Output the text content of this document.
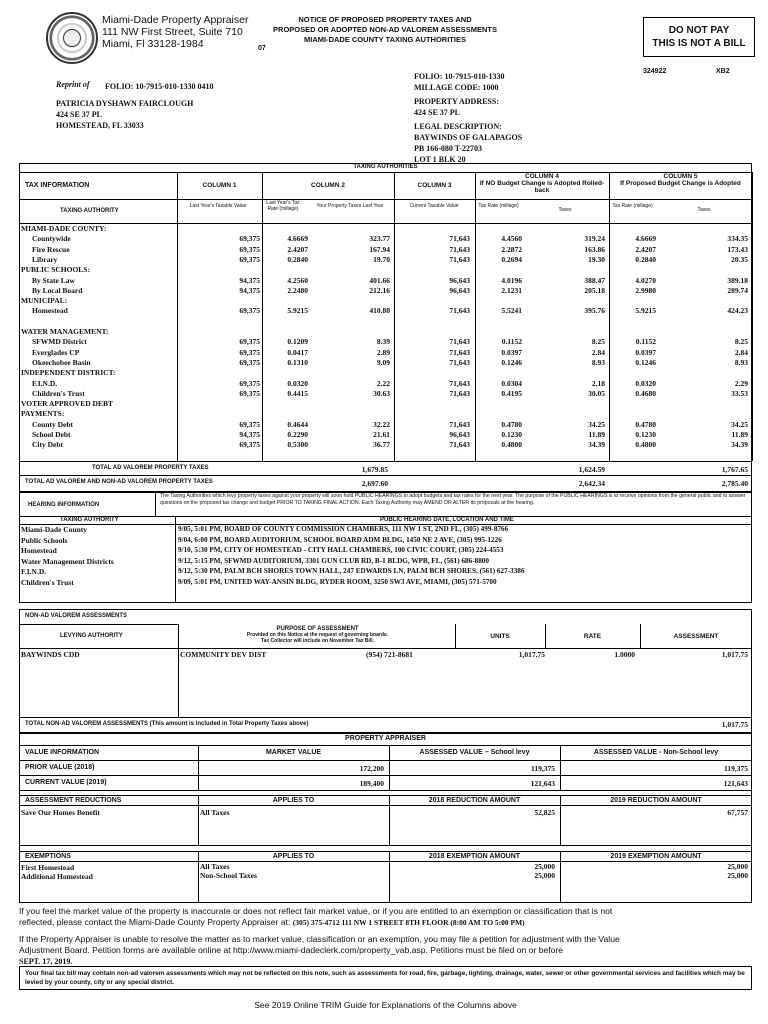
Miami-Dade Property Appraiser
111 NW First Street, Suite 710
Miami, Fl 33128-1984
NOTICE OF PROPOSED PROPERTY TAXES AND
PROPOSED OR ADOPTED NON-AD VALOREM ASSESSMENTS
MIAMI-DADE COUNTY TAXING AUTHORITIES
07
DO NOT PAY
THIS IS NOT A BILL
324922	XB2
Reprint of FOLIO: 10-7915-010-1330 0410
PATRICIA DYSHAWN FAIRCLOUGH
424 SE 37 PL
HOMESTEAD, FL 33033
FOLIO: 10-7915-010-1330
MILLAGE CODE: 1000
PROPERTY ADDRESS:
424 SE 37 PL
LEGAL DESCRIPTION:
BAYWINDS OF GALAPAGOS
PB 166-080 T-22703
LOT 1 BLK 20
TAXING AUTHORITIES
TAX INFORMATION	COLUMN 1	COLUMN 2	COLUMN 3
COLUMN 4
If NO Budget Change is Adopted Rolled-back
COLUMN 5
If Proposed Budget Change is Adopted
TAXING AUTHORITY
Last Year's Taxable Value	Last Year's Tax Rate (millage)	Your Property Taxes Last Year	Current Taxable Value	Tax Rate (millage)
Taxes
Tax Rate (millage)
Taxes
MIAMI-DADE COUNTY:
Countywide	69,375	4.6669	323.77	71,643	4.4560	319.24	4.6669	334.35
Fire Rescue	69,375	2.4207	167.94	71,643	2.2872	163.86	2.4207	173.43
Library	69,375	0.2840	19.70	71,643	0.2694	19.30	0.2840	20.35
PUBLIC SCHOOLS:
By State Law	94,375	4.2560	401.66	96,643	4.0196	388.47	4.0270	389.18
By Local Board	94,375	2.2480	212.16	96,643	2.1231	205.18	2.9980	289.74
MUNICIPAL:
Homestead	69,375	5.9215	410.80	71,643	5.5241	395.76	5.9215	424.23
WATER MANAGEMENT:
SFWMD District	69,375	0.1209	8.39	71,643	0.1152	8.25	0.1152	8.25
Everglades CP	69,375	0.0417	2.89	71,643	0.0397	2.84	0.0397	2.84
Okeechobee Basin	69,375	0.1310	9.09	71,643	0.1246	8.93	0.1246	8.93
INDEPENDENT DISTRICT:
F.I.N.D.	69,375	0.0320	2.22	71,643	0.0304	2.18	0.0320	2.29
Children's Trust	69,375	0.4415	30.63	71,643	0.4195	30.05	0.4680	33.53
VOTER APPROVED DEBT
PAYMENTS:
County Debt	69,375	0.4644	32.22	71,643	0.4780	34.25	0.4780	34.25
School Debt	94,375	0.2290	21.61	96,643	0.1230	11.89	0.1230	11.89
City Debt	69,375	0.5300	36.77	71,643	0.4800	34.39	0.4800	34.39
TOTAL AD VALOREM PROPERTY TAXES	1,679.85	1,624.59	1,767.65
TOTAL AD VALOREM AND NON-AD VALOREM PROPERTY TAXES	2,697.60	2,642.34	2,785.40
HEARING INFORMATION
The Taxing Authorities which levy property taxes against your property will soon hold PUBLIC HEARINGS to adopt budgets and tax rates for the next year. The purpose of the PUBLIC HEARINGS is to receive opinions from the general public and to answer questions on the proposed tax change and budget PRIOR TO TAKING FINAL ACTION. Each Taxing Authority may AMEND OR ALTER its proposals at the hearing.
TAXING AUTHORITY	PUBLIC HEARING DATE, LOCATION AND TIME
Miami-Dade County	9/05, 5:01 PM, BOARD OF COUNTY COMMISSION CHAMBERS, 111 NW 1 ST, 2ND FL, (305) 499-8766
Public Schools	9/04, 6:00 PM, BOARD AUDITORIUM, SCHOOL BOARD ADM BLDG, 1450 NE 2 AVE, (305) 995-1226
Homestead	9/10, 5:30 PM, CITY OF HOMESTEAD - CITY HALL CHAMBERS, 100 CIVIC COURT, (305) 224-4553
Water Management Districts	9/12, 5:15 PM, SFWMD AUDITORIUM, 3301 GUN CLUB RD, B-1 BLDG, WPB, FL, (561) 686-8800
F.I.N.D.	9/12, 5:30 PM, PALM BCH SHORES TOWN HALL, 247 EDWARDS LN, PALM BCH SHORES, (561) 627-3386
Children's Trust	9/09, 5:01 PM, UNITED WAY-ANSIN BLDG, RYDER ROOM, 3250 SW3 AVE, MIAMI, (305) 571-5700
NON-AD VALOREM ASSESSMENTS
LEVYING AUTHORITY
PURPOSE OF ASSESSMENT
Provided on this Notice at the request of governing boards.
Tax Collector will include on November Tax Bill.
UNITS	RATE	ASSESSMENT
BAYWINDS CDD	COMMUNITY DEV DIST	(954) 721-8681	1,017.75	1.0000	1,017.75
TOTAL NON-AD VALOREM ASSESSMENTS (This amount is included in Total Property Taxes above)	1,017.75
PROPERTY APPRAISER
VALUE INFORMATION	MARKET VALUE	ASSESSED VALUE – School levy	ASSESSED VALUE - Non-School levy
PRIOR VALUE (2018)	172,200	119,375	119,375
CURRENT VALUE (2019)	189,400	121,643	121,643
ASSESSMENT REDUCTIONS	APPLIES TO	2018 REDUCTION AMOUNT	2019 REDUCTION AMOUNT
Save Our Homes Benefit	All Taxes	52,825	67,757
EXEMPTIONS	APPLIES TO	2018 EXEMPTION AMOUNT	2019 EXEMPTION AMOUNT
First Homestead	All Taxes	25,000	25,000
Additional Homestead	Non-School Taxes	25,000	25,000
If you feel the market value of the property is inaccurate or does not reflect fair market value, or if you are entitled to an exemption or classification that is not
reflected, please contact the Miami-Dade County Property Appraiser at: (305) 375-4712 111 NW 1 STREET 8TH FLOOR (8:00 AM TO 5:00 PM)
If the Property Appraiser is unable to resolve the matter as to market value, classification or an exemption, you may file a petition for adjustment with the Value
Adjustment Board. Petition forms are available online at http://www.miami-dadeclerk.com/property_vab.asp. Petitions must be filed on or before
SEPT. 17, 2019.
Your final tax bill may contain non-ad valorem assessments which may not be reflected on this note, such as assessments for road, fire, garbage, lighting, drainage, water, sewer or other governmental services and facilities which may be levied by your county, city or any special district.
See 2019 Online TRIM Guide for Explanations of the Columns above
